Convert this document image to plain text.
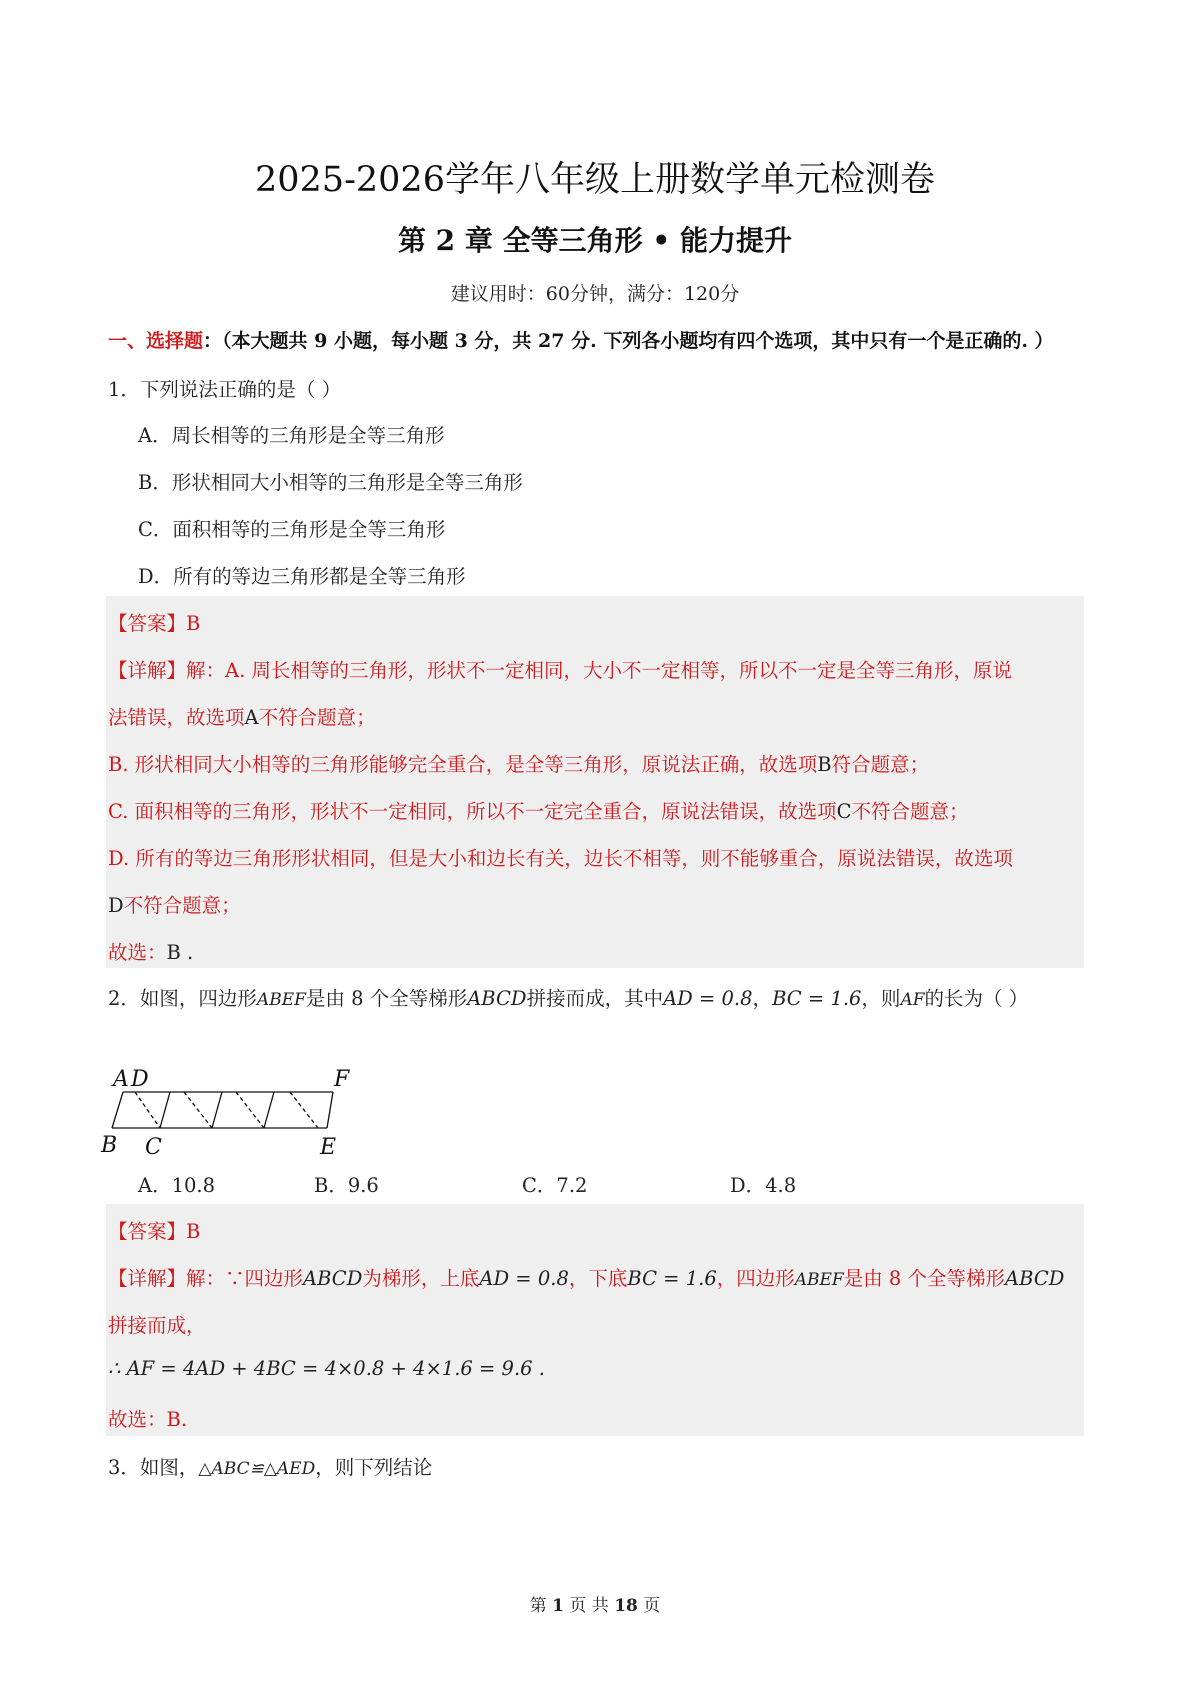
2025-2026学年八年级上册数学单元检测卷
第 2 章 全等三角形 • 能力提升
建议用时：60分钟，满分：120分
一、选择题：（本大题共 9 小题，每小题 3 分，共 27 分. 下列各小题均有四个选项，其中只有一个是正确的. ）
1．下列说法正确的是（ ）
A．周长相等的三角形是全等三角形
B．形状相同大小相等的三角形是全等三角形
C．面积相等的三角形是全等三角形
D．所有的等边三角形都是全等三角形
【答案】B
【详解】解：A. 周长相等的三角形，形状不一定相同，大小不一定相等，所以不一定是全等三角形，原说
法错误，故选项A不符合题意；
B. 形状相同大小相等的三角形能够完全重合，是全等三角形，原说法正确，故选项B符合题意；
C. 面积相等的三角形，形状不一定相同，所以不一定完全重合，原说法错误，故选项C不符合题意；
D. 所有的等边三角形形状相同，但是大小和边长有关，边长不相等，则不能够重合，原说法错误，故选项
D不符合题意；
故选：B .
2．如图，四边形ABEF是由 8 个全等梯形ABCD拼接而成，其中AD = 0.8，BC = 1.6，则AF的长为（ ）
A D	F
B C	E
A．10.8	B．9.6	C．7.2	D．4.8
【答案】B
【详解】解：∵四边形ABCD为梯形，上底AD = 0.8，下底BC = 1.6，四边形ABEF是由 8 个全等梯形ABCD
拼接而成，
∴ AF = 4AD + 4BC = 4×0.8 + 4×1.6 = 9.6 .
故选：B.
3．如图，△ABC≌△AED，则下列结论
第 1 页 共 18 页
